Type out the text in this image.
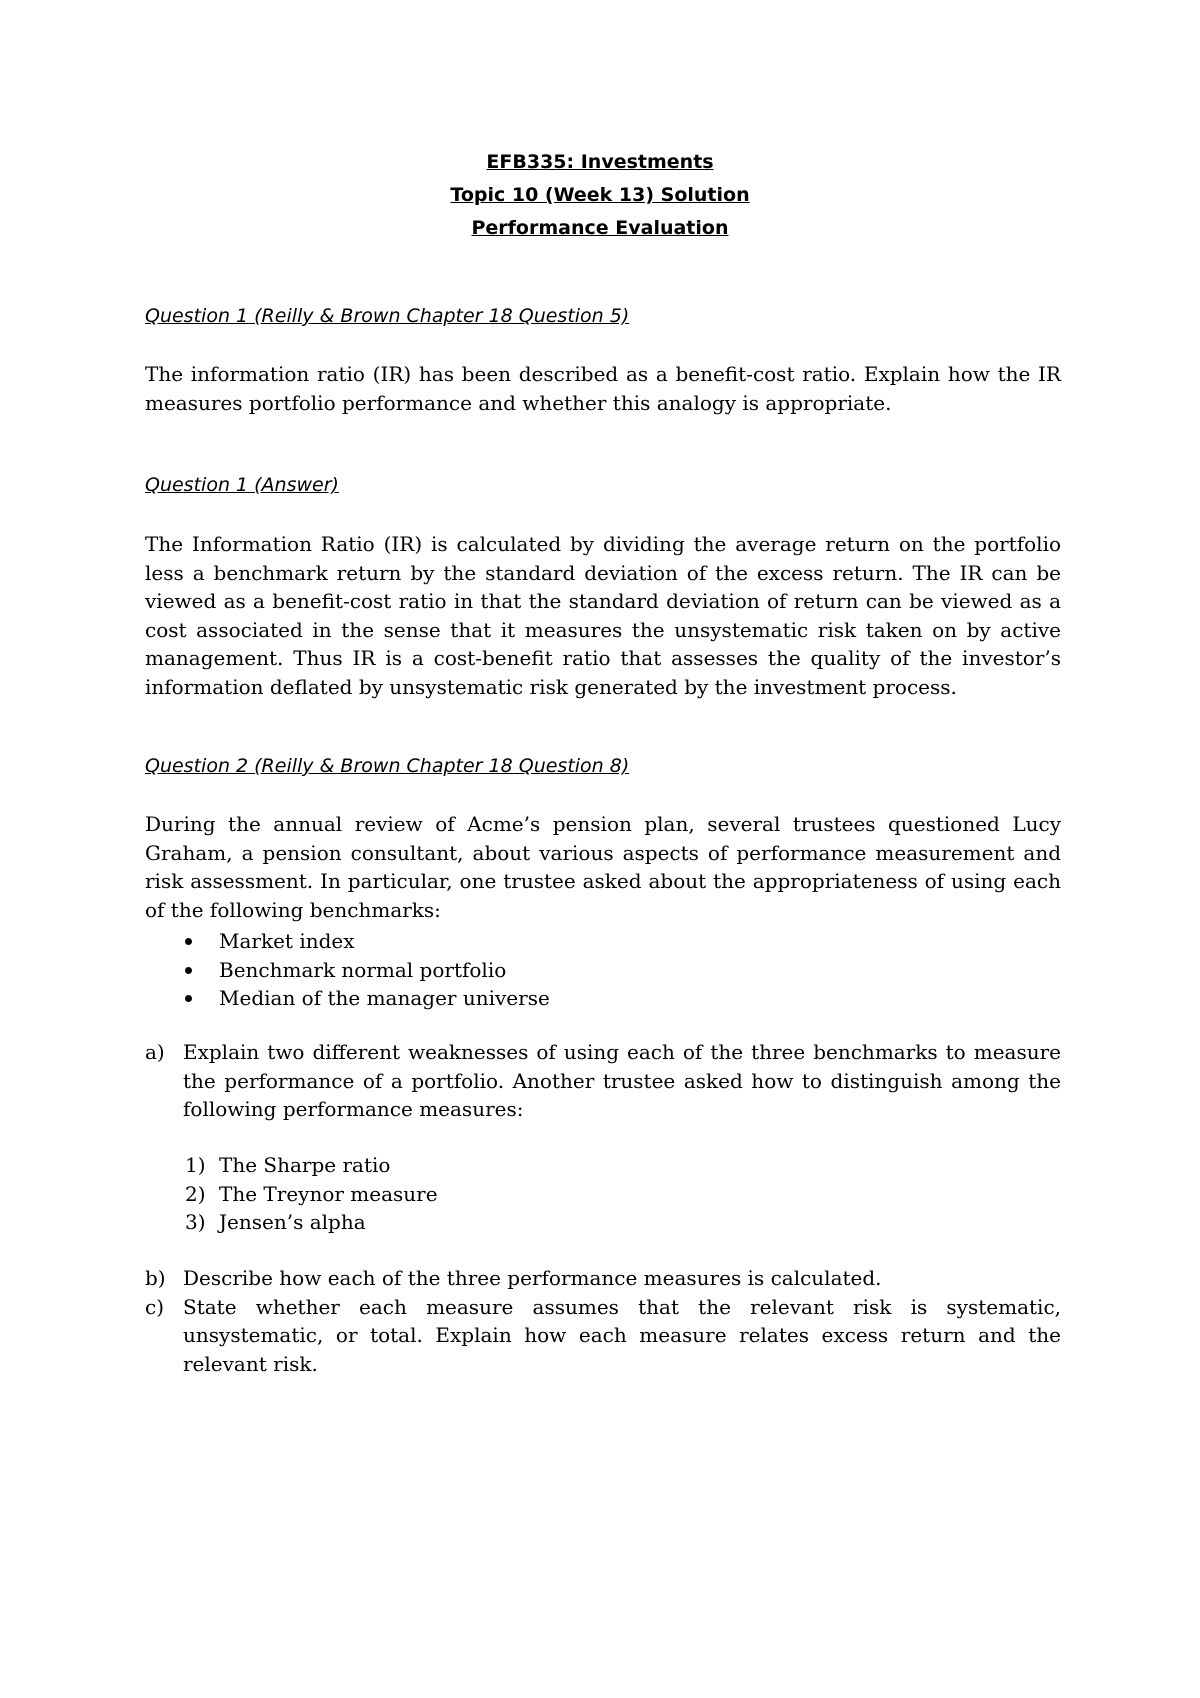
EFB335: Investments
Topic 10 (Week 13) Solution
Performance Evaluation
Question 1 (Reilly & Brown Chapter 18 Question 5)
The information ratio (IR) has been described as a benefit-cost ratio. Explain how the IR measures portfolio performance and whether this analogy is appropriate.
Question 1 (Answer)
The Information Ratio (IR) is calculated by dividing the average return on the portfolio less a benchmark return by the standard deviation of the excess return. The IR can be viewed as a benefit-cost ratio in that the standard deviation of return can be viewed as a cost associated in the sense that it measures the unsystematic risk taken on by active management. Thus IR is a cost-benefit ratio that assesses the quality of the investor’s information deflated by unsystematic risk generated by the investment process.
Question 2 (Reilly & Brown Chapter 18 Question 8)
During the annual review of Acme’s pension plan, several trustees questioned Lucy Graham, a pension consultant, about various aspects of performance measurement and risk assessment. In particular, one trustee asked about the appropriateness of using each of the following benchmarks:
Market index
Benchmark normal portfolio
Median of the manager universe
a) Explain two different weaknesses of using each of the three benchmarks to measure the performance of a portfolio. Another trustee asked how to distinguish among the following performance measures:
1) The Sharpe ratio
2) The Treynor measure
3) Jensen’s alpha
b) Describe how each of the three performance measures is calculated.
c) State whether each measure assumes that the relevant risk is systematic, unsystematic, or total. Explain how each measure relates excess return and the relevant risk.
